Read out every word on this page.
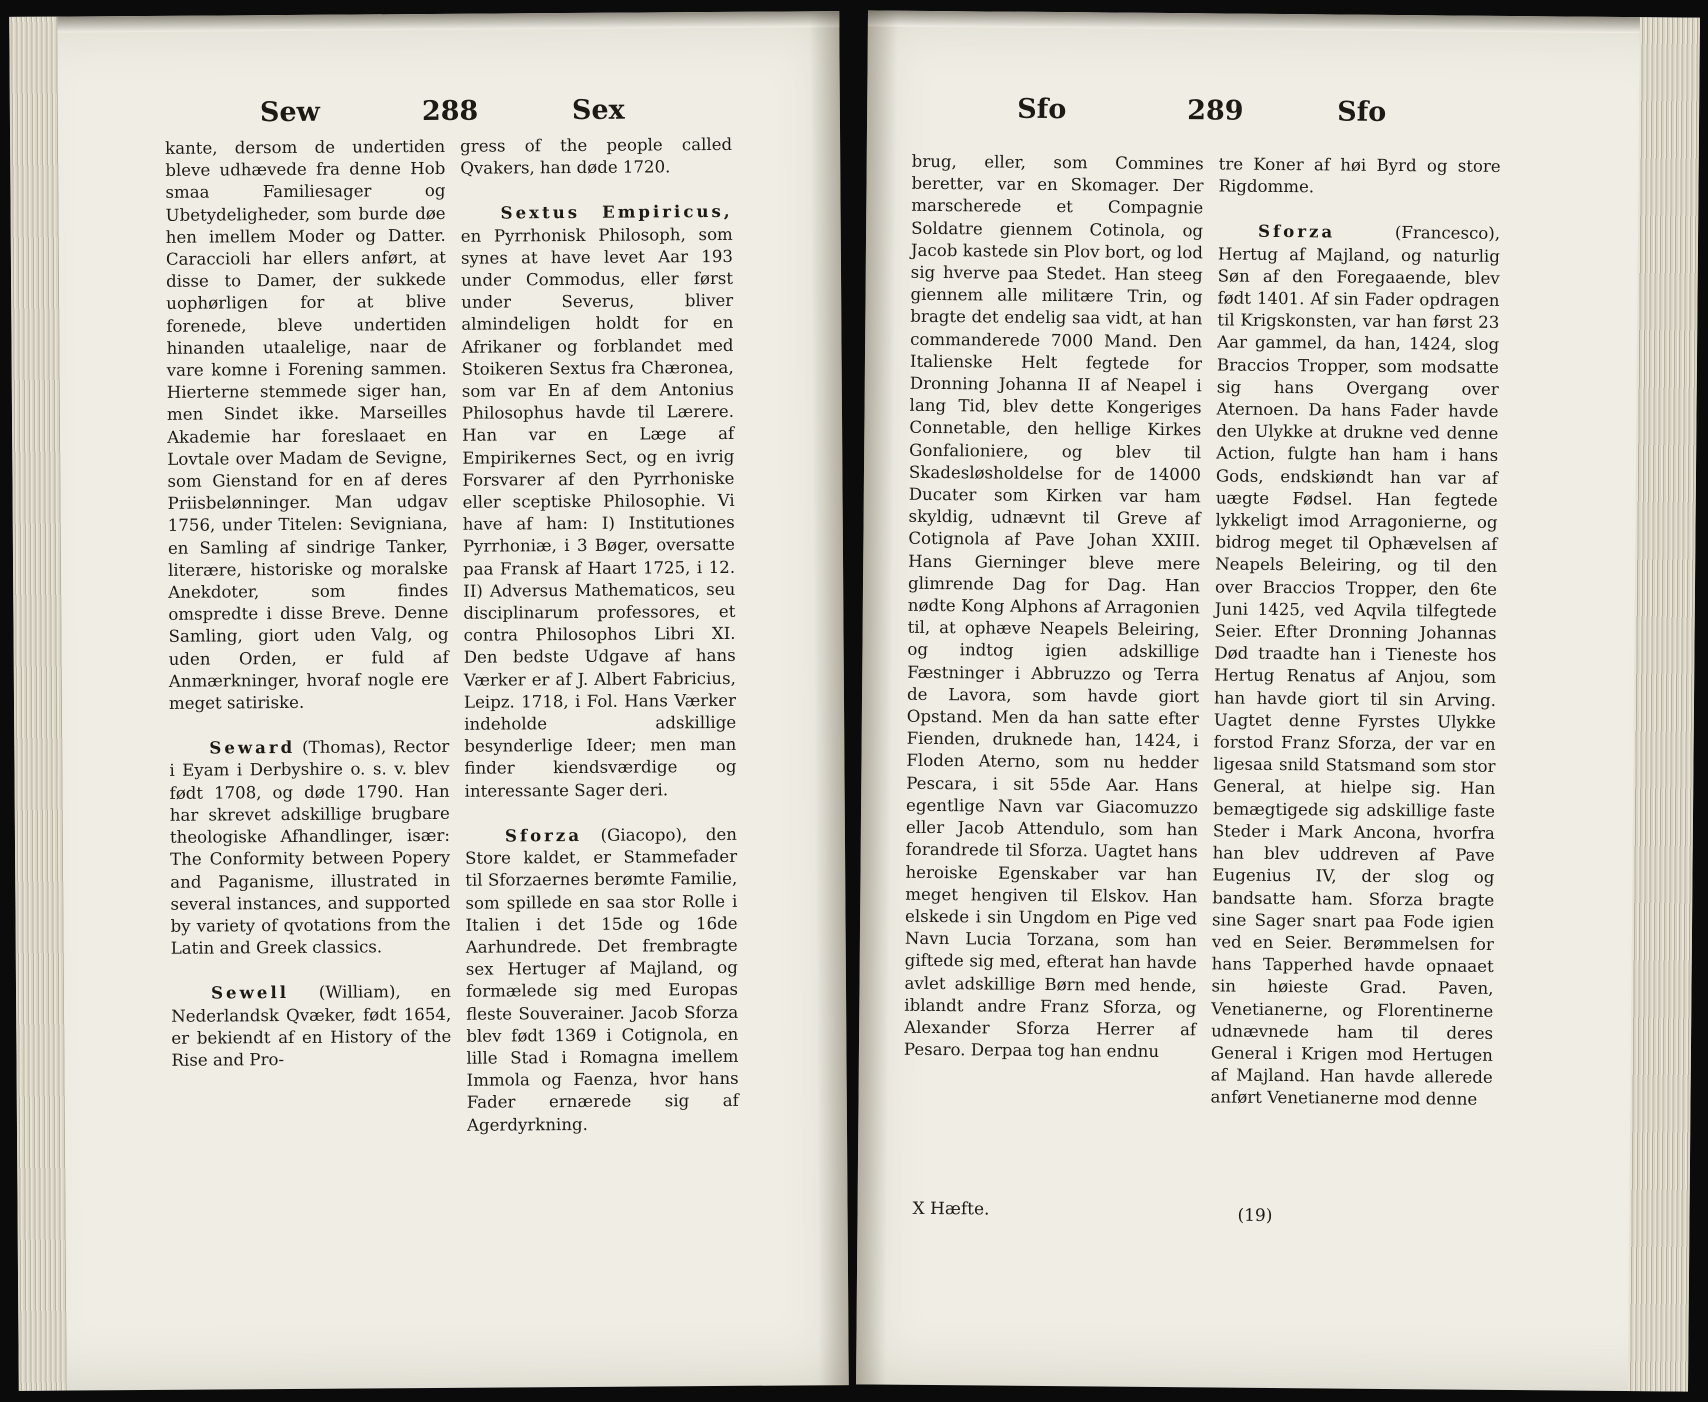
Sew	288	Sex

kante, dersom de undertiden bleve udhævede fra denne Hob smaa Familiesager og Ubetydeligheder, som burde døe hen imellem Moder og Datter. Caraccioli har ellers anført, at disse to Damer, der sukkede uophørligen for at blive forenede, bleve undertiden hinanden utaalelige, naar de vare komne i Forening sammen. Hierterne stemmede siger han, men Sindet ikke. Marseilles Akademie har foreslaaet en Lovtale over Madam de Sevigne, som Gienstand for en af deres Priisbelønninger. Man udgav 1756, under Titelen: Sevigniana, en Samling af sindrige Tanker, literære, historiske og moralske Anekdoter, som findes omspredte i disse Breve. Denne Samling, giort uden Valg, og uden Orden, er fuld af Anmærkninger, hvoraf nogle ere meget satiriske.

Seward (Thomas), Rector i Eyam i Derbyshire o. s. v. blev født 1708, og døde 1790. Han har skrevet adskillige brugbare theologiske Afhandlinger, især: The Conformity between Popery and Paganisme, illustrated in several instances, and supported by variety of qvotations from the Latin and Greek classics.

Sewell (William), en Nederlandsk Qvæker, født 1654, er bekiendt af en History of the Rise and Pro-

gress of the people called Qvakers, han døde 1720.

Sextus Empiricus, en Pyrrhonisk Philosoph, som synes at have levet Aar 193 under Commodus, eller først under Severus, bliver almindeligen holdt for en Afrikaner og forblandet med Stoikeren Sextus fra Chæronea, som var En af dem Antonius Philosophus havde til Lærere. Han var en Læge af Empirikernes Sect, og en ivrig Forsvarer af den Pyrrhoniske eller sceptiske Philosophie. Vi have af ham: I) Institutiones Pyrrhoniæ, i 3 Bøger, oversatte paa Fransk af Haart 1725, i 12. II) Adversus Mathematicos, seu disciplinarum professores, et contra Philosophos Libri XI. Den bedste Udgave af hans Værker er af J. Albert Fabricius, Leipz. 1718, i Fol. Hans Værker indeholde adskillige besynderlige Ideer; men man finder kiendsværdige og interessante Sager deri.

Sforza (Giacopo), den Store kaldet, er Stammefader til Sforzaernes berømte Familie, som spillede en saa stor Rolle i Italien i det 15de og 16de Aarhundrede. Det frembragte sex Hertuger af Majland, og formælede sig med Europas fleste Souverainer. Jacob Sforza blev født 1369 i Cotignola, en lille Stad i Romagna imellem Immola og Faenza, hvor hans Fader ernærede sig af Agerdyrkning.

Sfo	289	Sfo

brug, eller, som Commines beretter, var en Skomager. Der marscherede et Compagnie Soldatre giennem Cotinola, og Jacob kastede sin Plov bort, og lod sig hverve paa Stedet. Han steeg giennem alle militære Trin, og bragte det endelig saa vidt, at han commanderede 7000 Mand. Den Italienske Helt fegtede for Dronning Johanna II af Neapel i lang Tid, blev dette Kongeriges Connetable, den hellige Kirkes Gonfalioniere, og blev til Skadesløsholdelse for de 14000 Ducater som Kirken var ham skyldig, udnævnt til Greve af Cotignola af Pave Johan XXIII. Hans Gierninger bleve mere glimrende Dag for Dag. Han nødte Kong Alphons af Arragonien til, at ophæve Neapels Beleiring, og indtog igien adskillige Fæstninger i Abbruzzo og Terra de Lavora, som havde giort Opstand. Men da han satte efter Fienden, druknede han, 1424, i Floden Aterno, som nu hedder Pescara, i sit 55de Aar. Hans egentlige Navn var Giacomuzzo eller Jacob Attendulo, som han forandrede til Sforza. Uagtet hans heroiske Egenskaber var han meget hengiven til Elskov. Han elskede i sin Ungdom en Pige ved Navn Lucia Torzana, som han giftede sig med, efterat han havde avlet adskillige Børn med hende, iblandt andre Franz Sforza, og Alexander Sforza Herrer af Pesaro. Derpaa tog han endnu

tre Koner af høi Byrd og store Rigdomme.

Sforza	(Francesco), Hertug af Majland, og naturlig Søn af den Foregaaende, blev født 1401. Af sin Fader opdragen til Krigskonsten, var han først 23 Aar gammel, da han, 1424, slog Braccios Tropper, som modsatte sig hans Overgang over Aternoen. Da hans Fader havde den Ulykke at drukne ved denne Action, fulgte han ham i hans Gods, endskiøndt han var af uægte Fødsel. Han fegtede lykkeligt imod Arragonierne, og bidrog meget til Ophævelsen af Neapels Beleiring, og til den over Braccios Tropper, den 6te Juni 1425, ved Aqvila tilfegtede Seier. Efter Dronning Johannas Død traadte han i Tieneste hos Hertug Renatus af Anjou, som han havde giort til sin Arving. Uagtet denne Fyrstes Ulykke forstod Franz Sforza, der var en ligesaa snild Statsmand som stor General, at hielpe sig. Han bemægtigede sig adskillige faste Steder i Mark Ancona, hvorfra han blev uddreven af Pave Eugenius IV, der slog og bandsatte ham. Sforza bragte sine Sager snart paa Fode igien ved en Seier. Berømmelsen for hans Tapperhed havde opnaaet sin høieste Grad. Paven, Venetianerne, og Florentinerne udnævnede ham til deres General i Krigen mod Hertugen af Majland. Han havde allerede anført Venetianerne mod denne

X Hæfte.	(19)
